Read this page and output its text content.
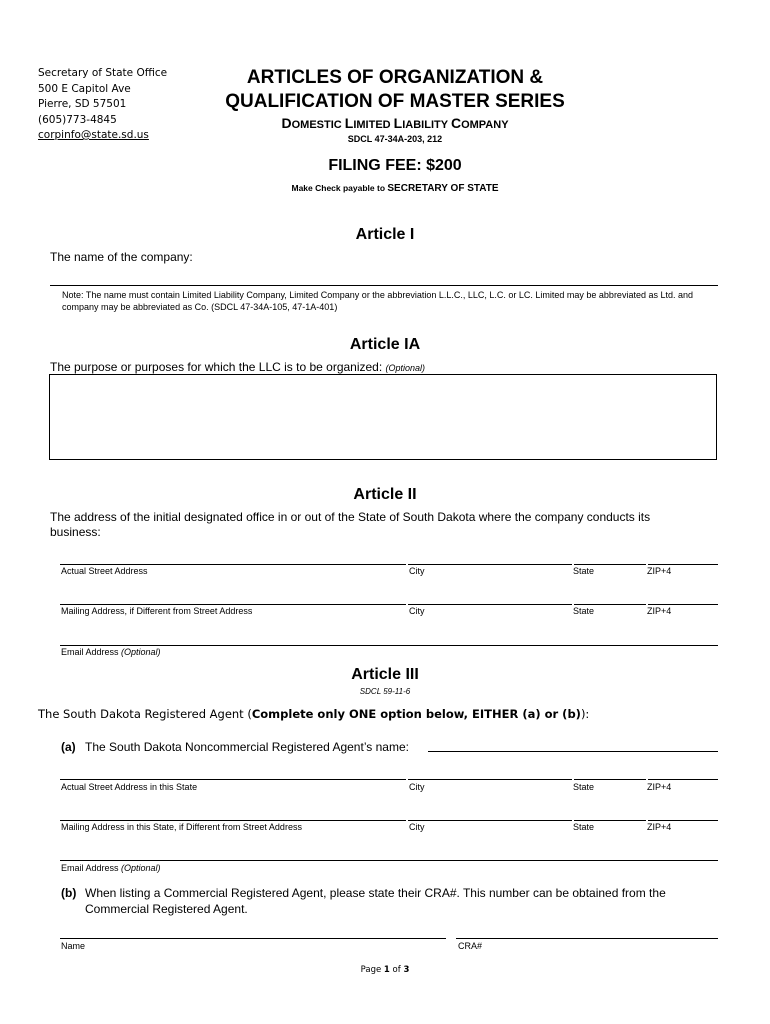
Secretary of State Office
500 E Capitol Ave
Pierre, SD 57501
(605)773-4845
corpinfo@state.sd.us
ARTICLES OF ORGANIZATION &
QUALIFICATION OF MASTER SERIES
DOMESTIC LIMITED LIABILITY COMPANY
SDCL 47-34A-203, 212
FILING FEE: $200
Make Check payable to SECRETARY OF STATE
Article I
The name of the company:
Note: The name must contain Limited Liability Company, Limited Company or the abbreviation L.L.C., LLC, L.C. or LC. Limited may be abbreviated as Ltd. and company may be abbreviated as Co. (SDCL 47-34A-105, 47-1A-401)
Article IA
The purpose or purposes for which the LLC is to be organized: (Optional)
Article II
The address of the initial designated office in or out of the State of South Dakota where the company conducts its business:
Actual Street Address	City	State	ZIP+4
Mailing Address, if Different from Street Address	City	State	ZIP+4
Email Address (Optional)
Article III
SDCL 59-11-6
The South Dakota Registered Agent (Complete only ONE option below, EITHER (a) or (b)):
(a) The South Dakota Noncommercial Registered Agent’s name:
Actual Street Address in this State	City	State	ZIP+4
Mailing Address in this State, if Different from Street Address	City	State	ZIP+4
Email Address (Optional)
(b) When listing a Commercial Registered Agent, please state their CRA#. This number can be obtained from the Commercial Registered Agent.
Name	CRA#
Page 1 of 3
